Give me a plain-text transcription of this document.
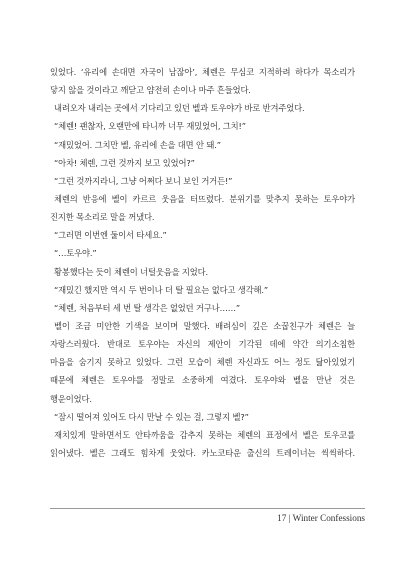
있었다. ‘유리에 손대면 자국이 남잖아’, 체렌은 무심코 지적하려 하다가 목소리가
닿지 않을 것이라고 깨닫고 얌전히 손이나 마주 흔들었다.
내려오자 내리는 곳에서 기다리고 있던 벨과 토우야가 바로 반겨주었다.
“체렌! 괜찮자, 오랜만에 타니까 너무 재밌었어, 그치!”
“재밌었어. 그치만 벨, 유리에 손을 대면 안 돼.”
“아차! 체렌, 그런 것까지 보고 있었어?”
“그런 것까지라니, 그냥 어쩌다 보니 보인 거거든!”
체렌의 반응에 벨이 카르르 웃음을 터뜨렸다. 분위기를 맞추지 못하는 토우야가
진지한 목소리로 말을 꺼냈다.
“그러면 이번엔 둘이서 타세요.”
“…토우야.”
황봉했다는 듯이 체렌이 너털웃음을 지었다.
“재밌긴 했지만 역시 두 번이나 더 탈 필요는 없다고 생각해.”
“체렌, 처음부터 세 번 탈 생각은 없었던 거구나……”
벨이 조금 미안한 기색을 보이며 말했다. 배려심이 깊은 소꿉친구가 체렌은 늘
자랑스러웠다. 반대로 토우야는 자신의 제안이 기각된 데에 약간 의기소침한
마음을 숨기지 못하고 있었다. 그런 모습이 체렌 자신과도 어느 정도 닮아있었기
때문에 체렌은 토우야를 정말로 소중하게 여겼다. 토우야와 벨을 만난 것은
행운이었다.
“잠시 떨어져 있어도 다시 만날 수 있는 걸, 그렇지 벨?”
재치있게 말하면서도 안타까움을 감추지 못하는 체렌의 표정에서 벨은 토우코를
읽어냈다. 벨은 그래도 힘차게 웃었다. 카노코타운 출신의 트레이너는 씩씩하다.
17 | Winter Confessions
